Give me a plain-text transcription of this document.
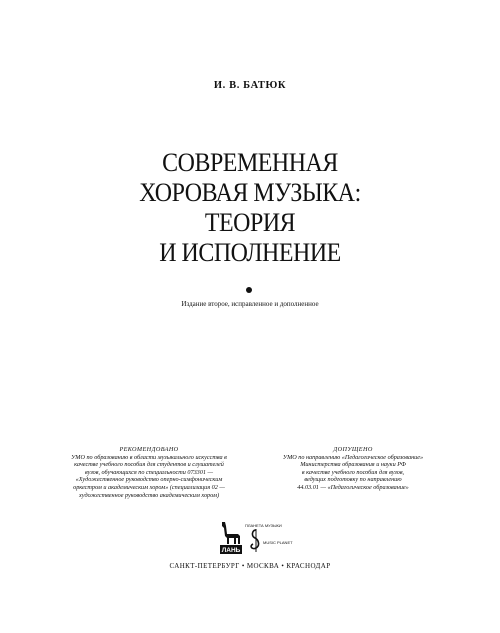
И. В. БАТЮК
СОВРЕМЕННАЯ
ХОРОВАЯ МУЗЫКА:
ТЕОРИЯ
И ИСПОЛНЕНИЕ
Издание второе, исправленное и дополненное
РЕКОМЕНДОВАНО
УМО по образованию в области музыкального искусства в
качестве учебного пособия для студентов и слушателей
вузов, обучающихся по специальности 073301 —
«Художественное руководство оперно-симфоническим
оркестром и академическим хором» (специализация 02 —
художественное руководство академическим хором)
ДОПУЩЕНО
УМО по направлению «Педагогическое образование»
Министерства образования и науки РФ
в качестве учебного пособия для вузов,
ведущих подготовку по направлению
44.03.01 — «Педагогическое образование»
ЛАНЬ
ПЛАНЕТА МУЗЫКИ
MUSIC PLANET
САНКТ-ПЕТЕРБУРГ • МОСКВА • КРАСНОДАР
